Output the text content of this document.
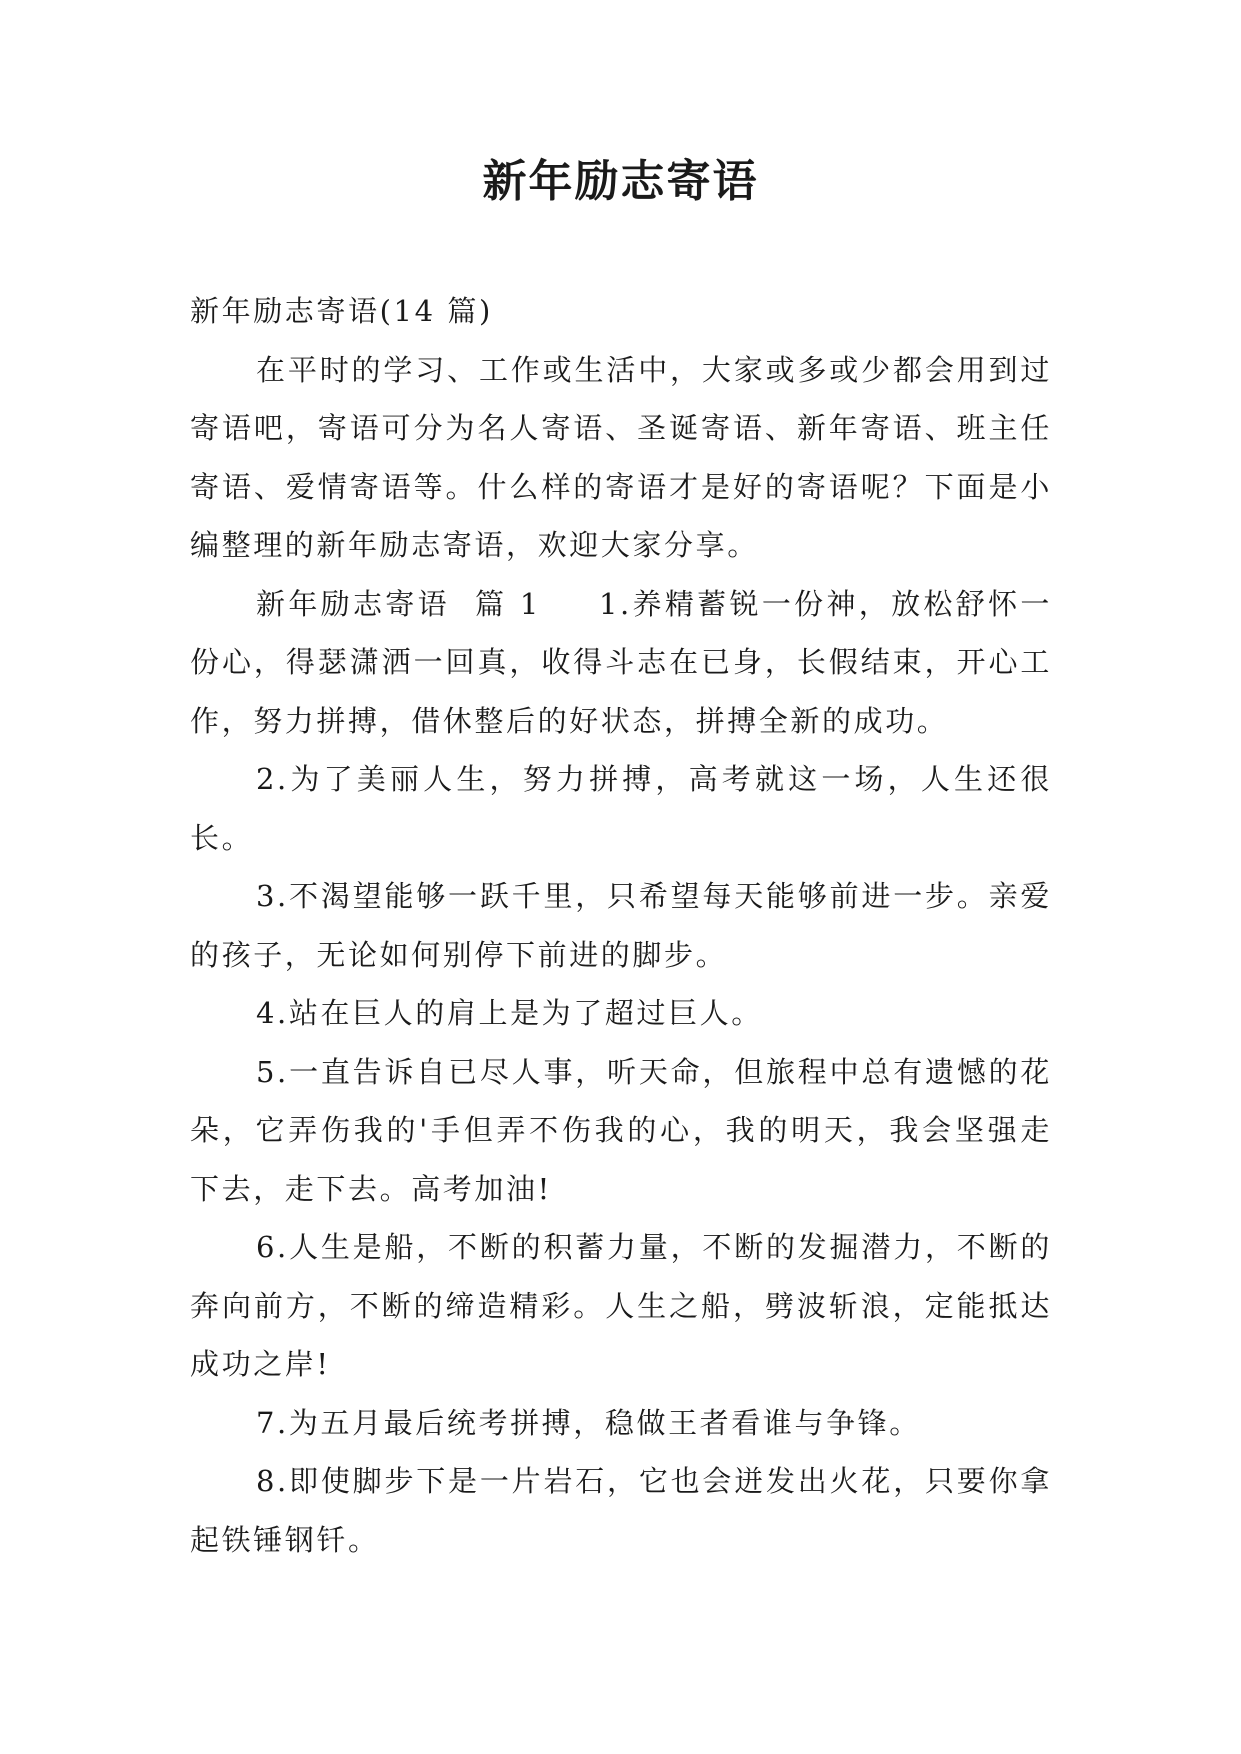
新年励志寄语

新年励志寄语(14 篇)

在平时的学习、工作或生活中，大家或多或少都会用到过寄语吧，寄语可分为名人寄语、圣诞寄语、新年寄语、班主任寄语、爱情寄语等。什么样的寄语才是好的寄语呢？下面是小编整理的新年励志寄语，欢迎大家分享。

新年励志寄语  篇 1 1.养精蓄锐一份神，放松舒怀一份心，得瑟潇洒一回真，收得斗志在已身，长假结束，开心工作，努力拼搏，借休整后的好状态，拼搏全新的成功。

2.为了美丽人生，努力拼搏，高考就这一场，人生还很长。

3.不渴望能够一跃千里，只希望每天能够前进一步。亲爱的孩子，无论如何别停下前进的脚步。

4.站在巨人的肩上是为了超过巨人。

5.一直告诉自已尽人事，听天命，但旅程中总有遗憾的花朵，它弄伤我的'手但弄不伤我的心，我的明天，我会坚强走下去，走下去。高考加油!

6.人生是船，不断的积蓄力量，不断的发掘潜力，不断的奔向前方，不断的缔造精彩。人生之船，劈波斩浪，定能抵达成功之岸!

7.为五月最后统考拼搏，稳做王者看谁与争锋。

8.即使脚步下是一片岩石，它也会迸发出火花，只要你拿起铁锤钢钎。
